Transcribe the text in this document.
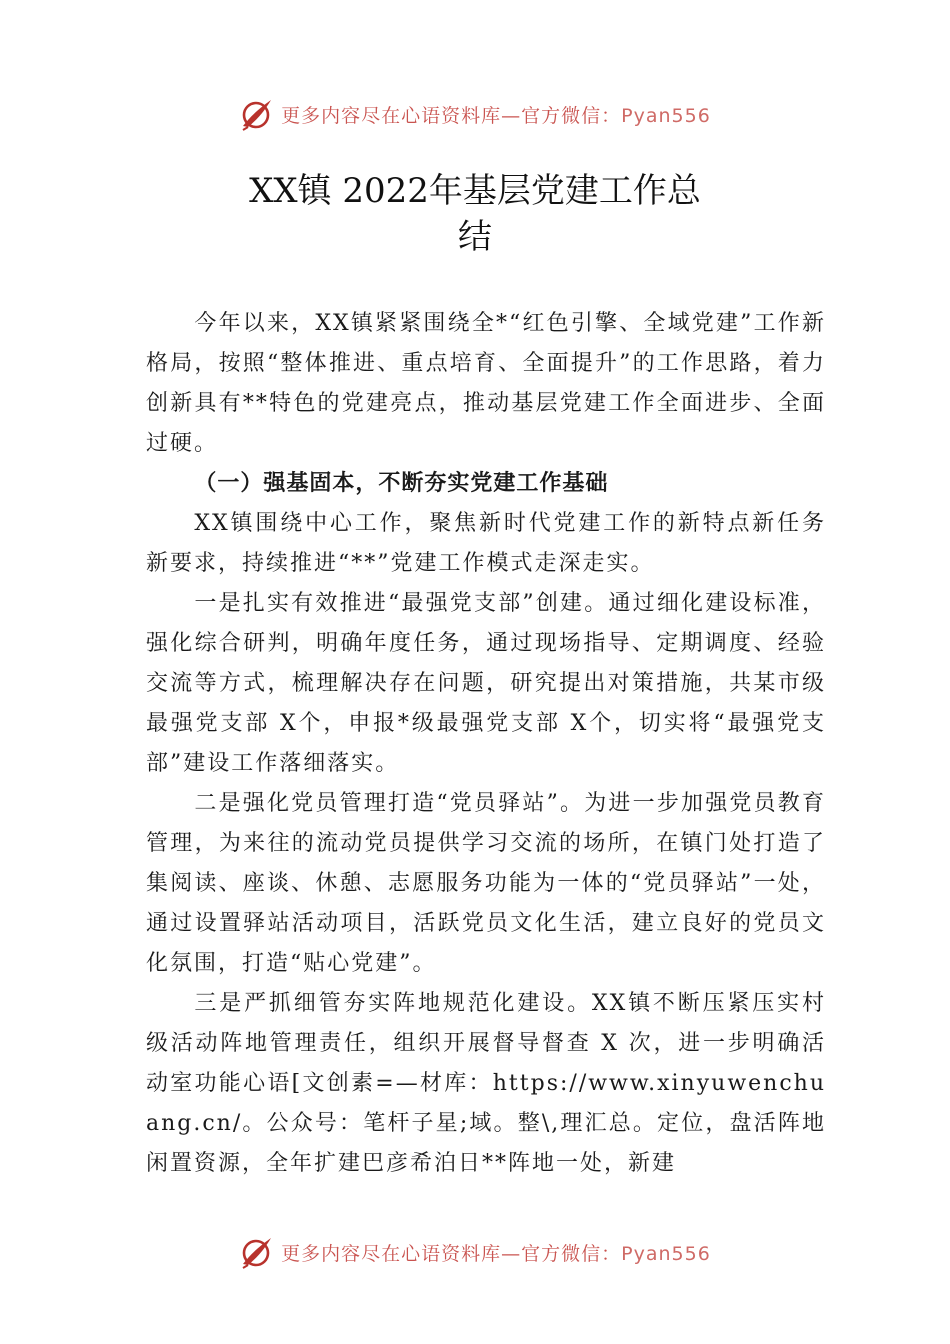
更多内容尽在心语资料库—官方微信：Pyan556
XX镇 2022年基层党建工作总
结

今年以来，XX镇紧紧围绕全*“红色引擎、全域党建”工作新格局，按照“整体推进、重点培育、全面提升”的工作思路，着力创新具有**特色的党建亮点，推动基层党建工作全面进步、全面过硬。

（一）强基固本，不断夯实党建工作基础

XX镇围绕中心工作，聚焦新时代党建工作的新特点新任务新要求，持续推进“**”党建工作模式走深走实。

一是扎实有效推进“最强党支部”创建。通过细化建设标准，强化综合研判，明确年度任务，通过现场指导、定期调度、经验交流等方式，梳理解决存在问题，研究提出对策措施，共某市级最强党支部 X个，申报*级最强党支部 X个，切实将“最强党支部”建设工作落细落实。

二是强化党员管理打造“党员驿站”。为进一步加强党员教育管理，为来往的流动党员提供学习交流的场所，在镇门处打造了集阅读、座谈、休憩、志愿服务功能为一体的“党员驿站”一处，通过设置驿站活动项目，活跃党员文化生活，建立良好的党员文化氛围，打造“贴心党建”。

三是严抓细管夯实阵地规范化建设。XX镇不断压紧压实村级活动阵地管理责任，组织开展督导督查 X 次，进一步明确活动室功能心语[文创素=—材库：https://www.xinyuwenchuang.cn/。公众号：笔杆子星;域。整\,理汇总。定位，盘活阵地闲置资源，全年扩建巴彦希泊日**阵地一处，新建

更多内容尽在心语资料库—官方微信：Pyan556
